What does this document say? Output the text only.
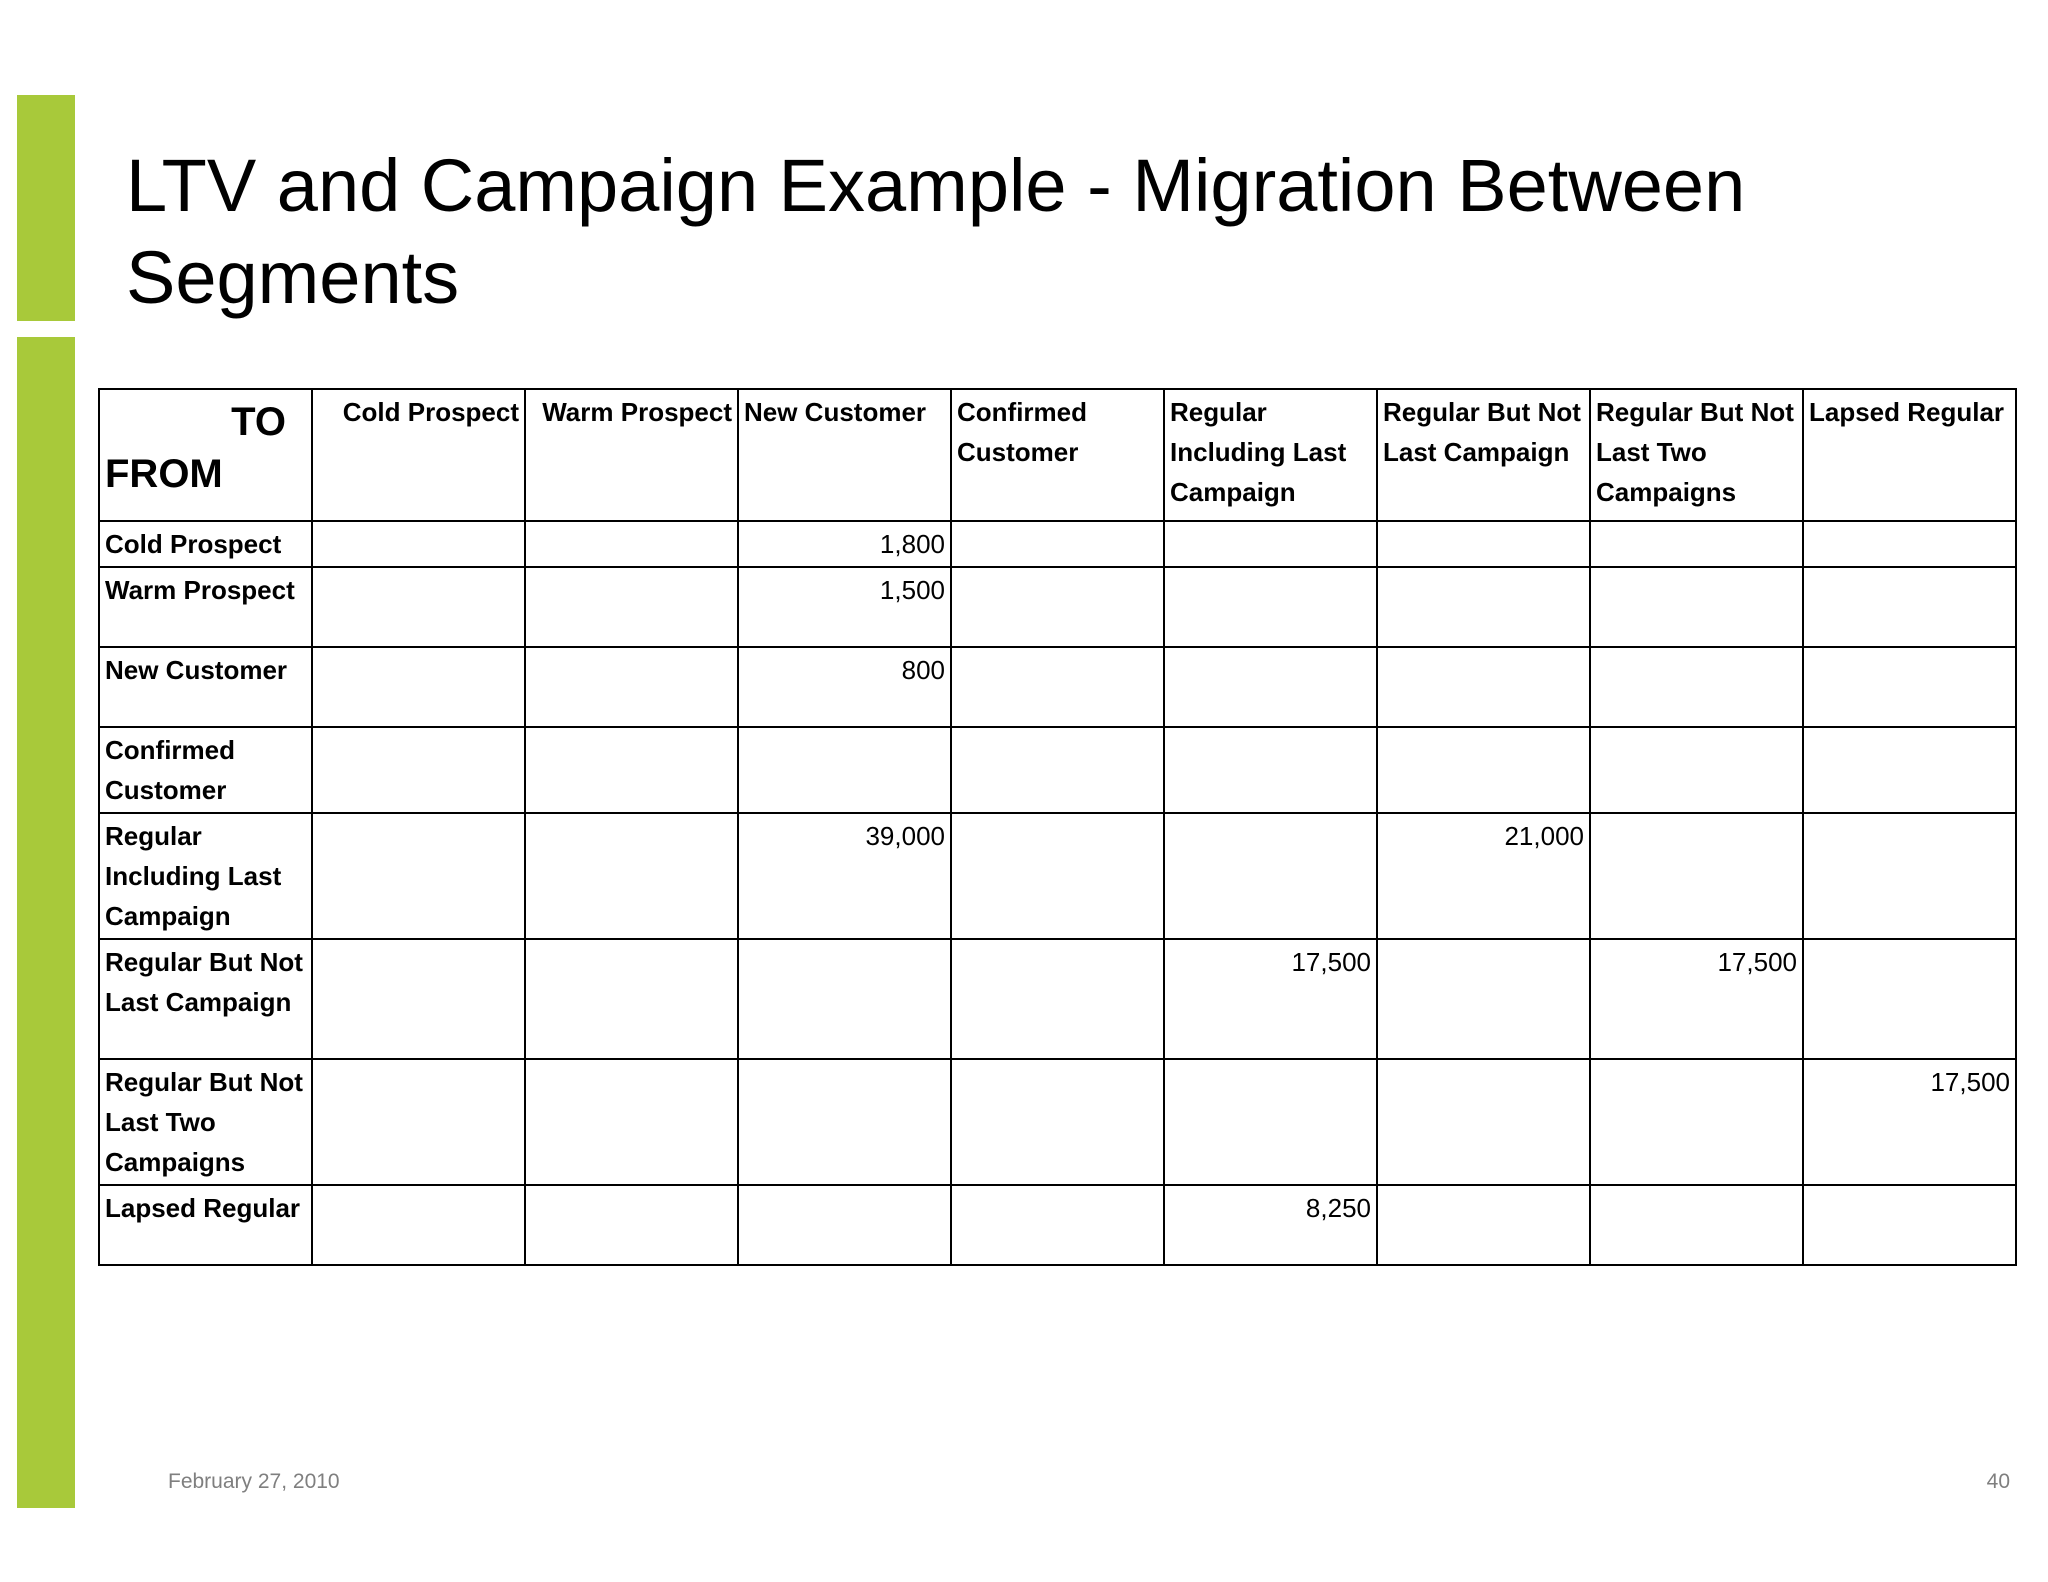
LTV and Campaign Example - Migration Between Segments
TO
FROM	Cold Prospect	Warm Prospect	New Customer	Confirmed Customer	Regular Including Last Campaign	Regular But Not Last Campaign	Regular But Not Last Two Campaigns	Lapsed Regular
Cold Prospect			1,800					
Warm Prospect			1,500					
New Customer			800					
Confirmed Customer								
Regular Including Last Campaign			39,000			21,000		
Regular But Not Last Campaign					17,500		17,500	
Regular But Not Last Two Campaigns								17,500
Lapsed Regular					8,250			
February 27, 2010	40
